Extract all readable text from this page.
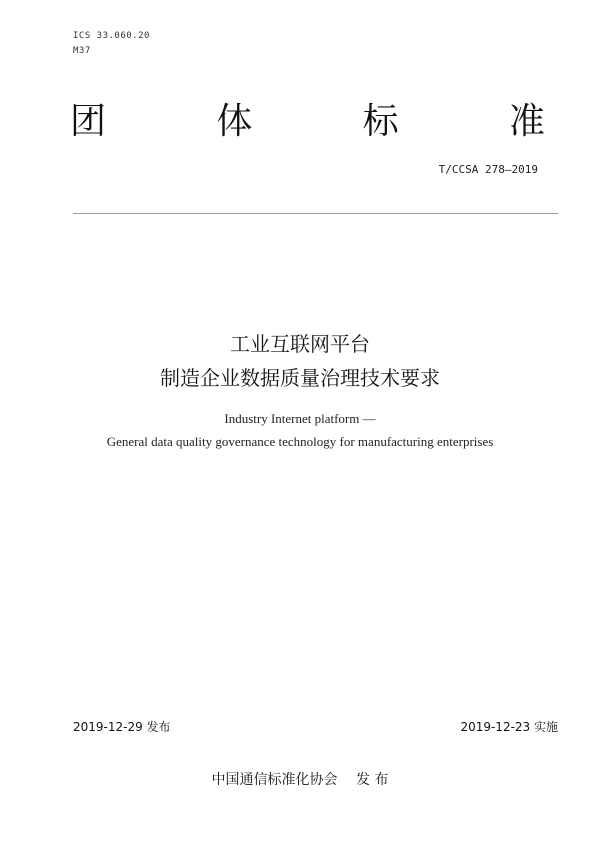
ICS 33.060.20
M37
团	体	标	准
T/CCSA 278—2019
工业互联网平台
制造企业数据质量治理技术要求
Industry Internet platform —
General data quality governance technology for manufacturing enterprises
2019-12-29 发布	2019-12-23 实施
中国通信标准化协会　 发 布
